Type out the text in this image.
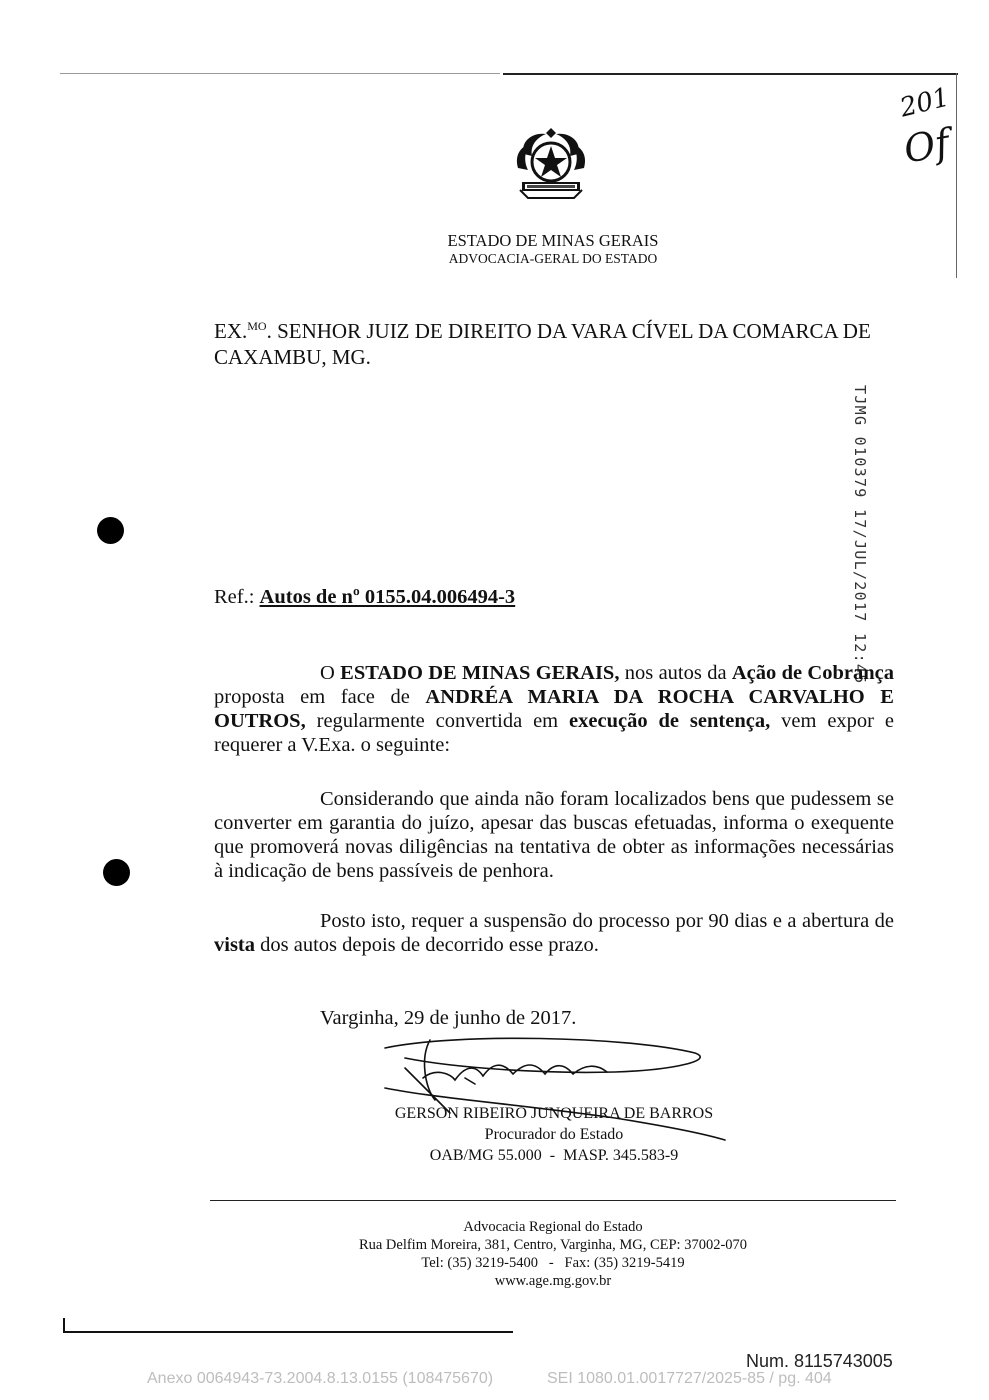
201
Of
ESTADO DE MINAS GERAIS
ADVOCACIA-GERAL DO ESTADO
EX.$^{MO}$. SENHOR JUIZ DE DIREITO DA VARA CÍVEL DA COMARCA DE
CAXAMBU, MG.
TJMG 010379 17/JUL/2017 12:45
Ref.: Autos de nº 0155.04.006494-3
O ESTADO DE MINAS GERAIS, nos autos da Ação de Cobrança proposta em face de ANDRÉA MARIA DA ROCHA CARVALHO E OUTROS, regularmente convertida em execução de sentença, vem expor e requerer a V.Exa. o seguinte:
Considerando que ainda não foram localizados bens que pudessem se converter em garantia do juízo, apesar das buscas efetuadas, informa o exequente que promoverá novas diligências na tentativa de obter as informações necessárias à indicação de bens passíveis de penhora.
Posto isto, requer a suspensão do processo por 90 dias e a abertura de vista dos autos depois de decorrido esse prazo.
Varginha, 29 de junho de 2017.
GERSON RIBEIRO JUNQUEIRA DE BARROS
Procurador do Estado
OAB/MG 55.000  -  MASP. 345.583-9
Advocacia Regional do Estado
Rua Delfim Moreira, 381, Centro, Varginha, MG, CEP: 37002-070
Tel: (35) 3219-5400   -   Fax: (35) 3219-5419
www.age.mg.gov.br
Num. 8115743005
Anexo 0064943-73.2004.8.13.0155 (108475670)	SEI 1080.01.0017727/2025-85 / pg. 404
